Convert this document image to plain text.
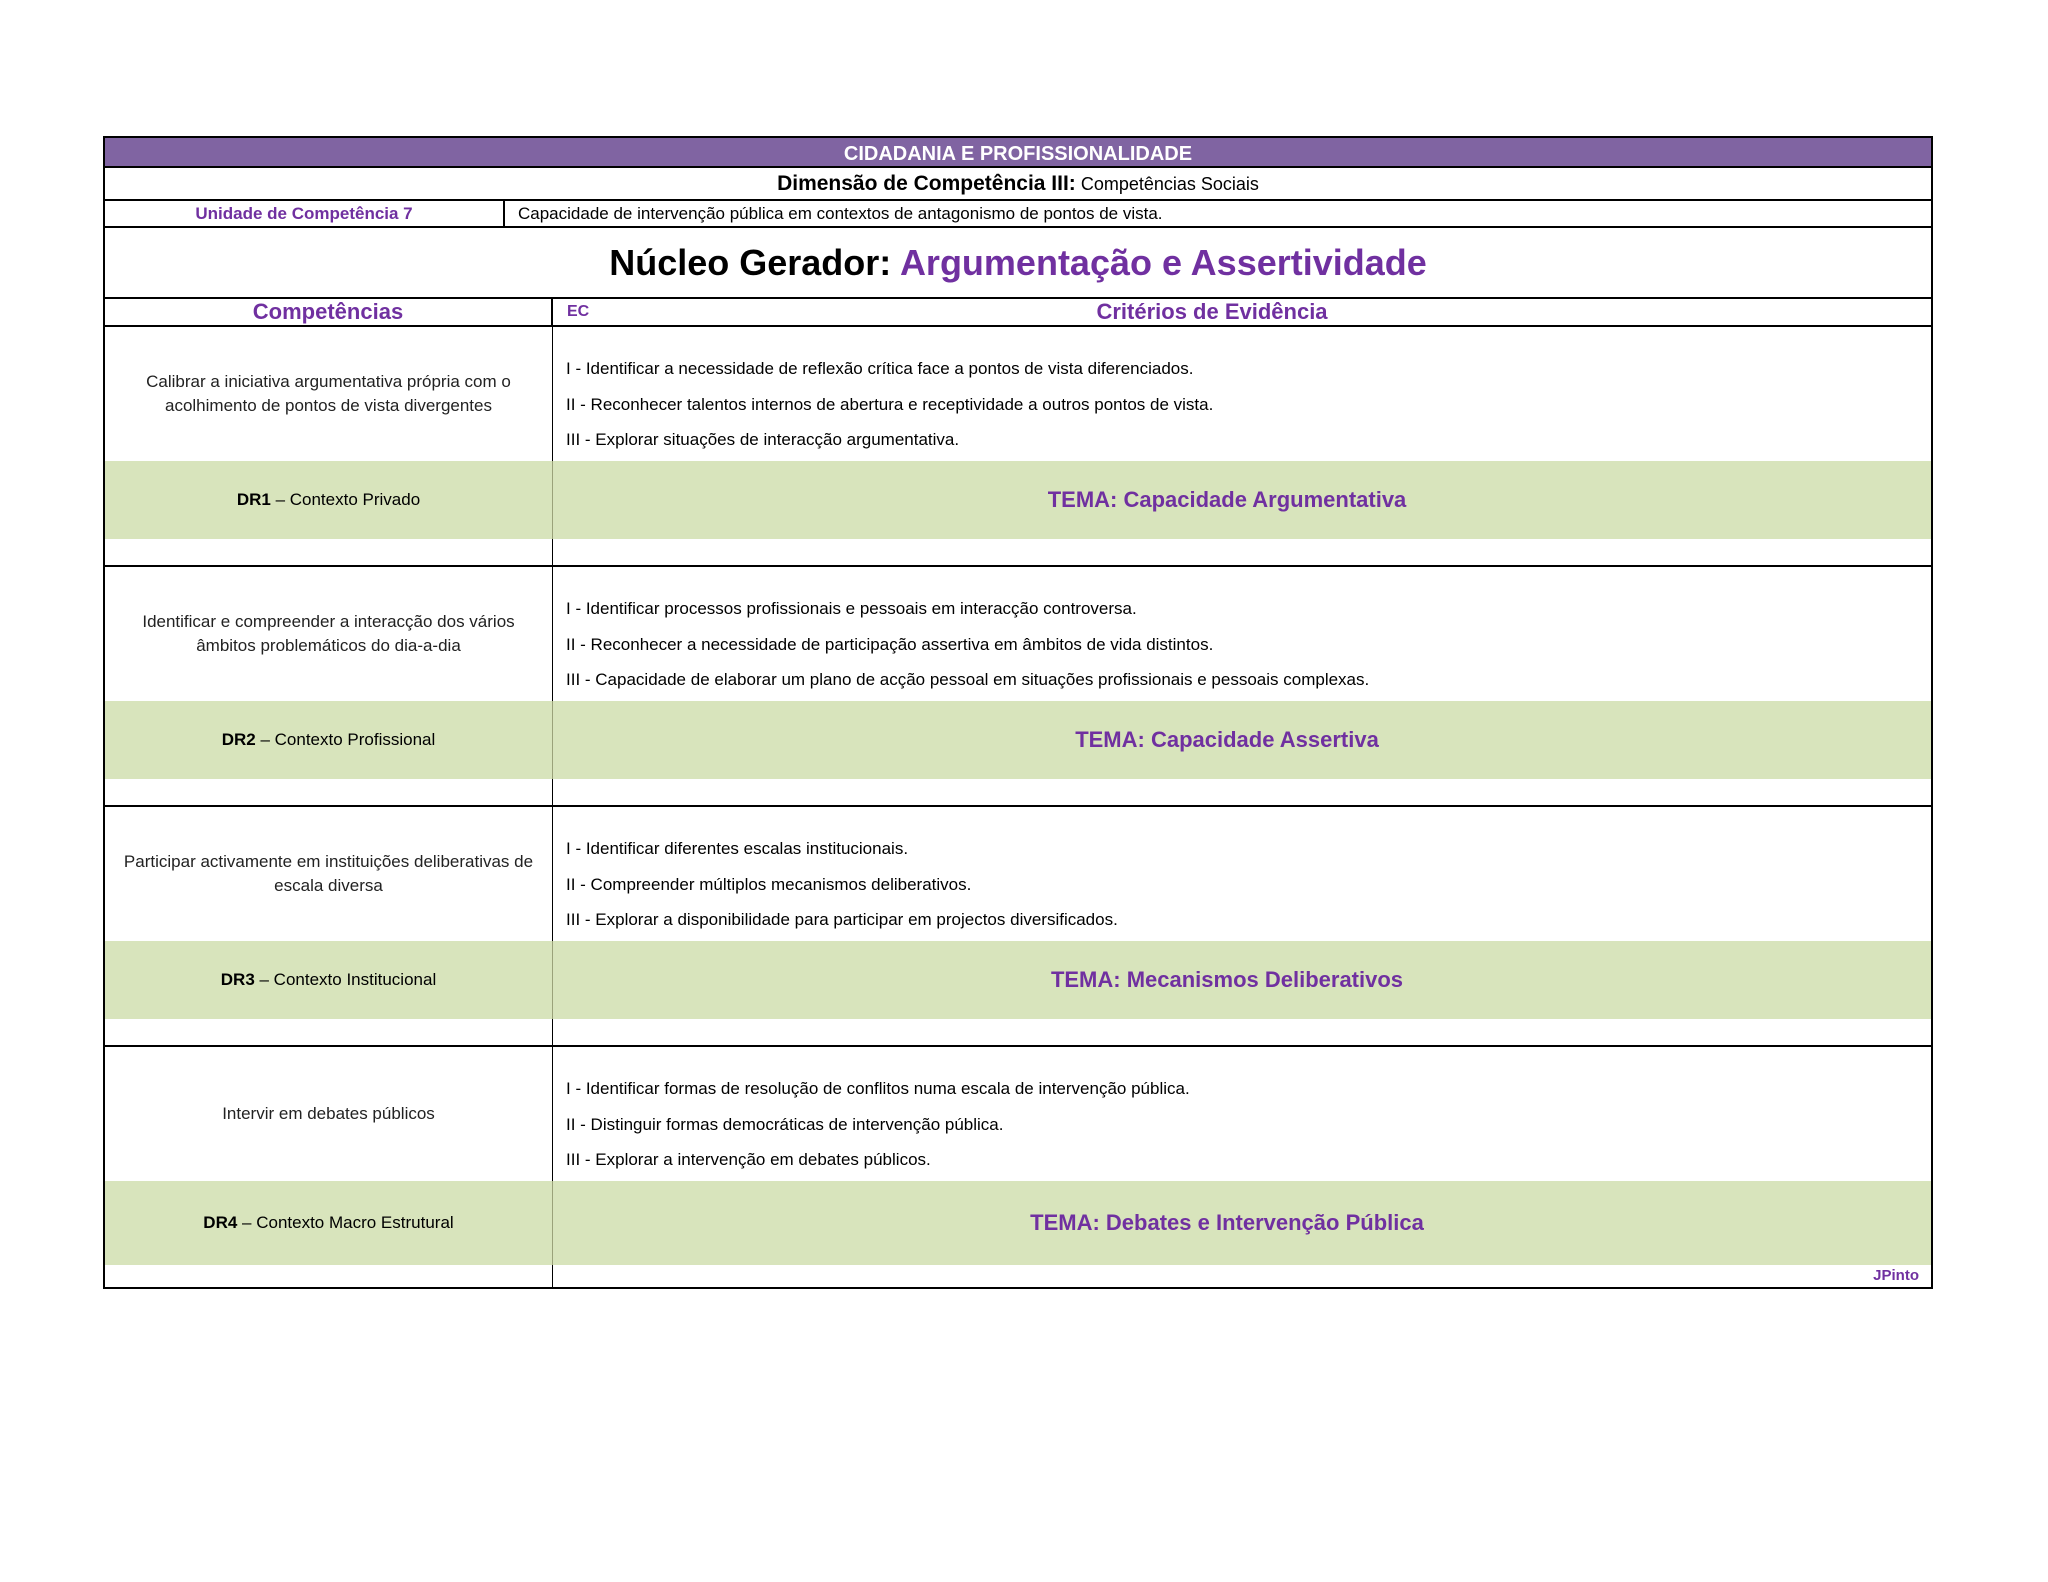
CIDADANIA E PROFISSIONALIDADE
Dimensão de Competência III: Competências Sociais
Unidade de Competência 7	Capacidade de intervenção pública em contextos de antagonismo de pontos de vista.
Núcleo Gerador: Argumentação e Assertividade
Competências	EC	Critérios de Evidência
Calibrar a iniciativa argumentativa própria com o acolhimento de pontos de vista divergentes
I - Identificar a necessidade de reflexão crítica face a pontos de vista diferenciados.
II - Reconhecer talentos internos de abertura e receptividade a outros pontos de vista.
III - Explorar situações de interacção argumentativa.
DR1 – Contexto Privado	TEMA: Capacidade Argumentativa
Identificar e compreender a interacção dos vários âmbitos problemáticos do dia-a-dia
I - Identificar processos profissionais e pessoais em interacção controversa.
II - Reconhecer a necessidade de participação assertiva em âmbitos de vida distintos.
III - Capacidade de elaborar um plano de acção pessoal em situações profissionais e pessoais complexas.
DR2 – Contexto Profissional	TEMA: Capacidade Assertiva
Participar activamente em instituições deliberativas de escala diversa
I - Identificar diferentes escalas institucionais.
II - Compreender múltiplos mecanismos deliberativos.
III - Explorar a disponibilidade para participar em projectos diversificados.
DR3 – Contexto Institucional	TEMA: Mecanismos Deliberativos
Intervir em debates públicos
I - Identificar formas de resolução de conflitos numa escala de intervenção pública.
II - Distinguir formas democráticas de intervenção pública.
III - Explorar a intervenção em debates públicos.
DR4 – Contexto Macro Estrutural	TEMA: Debates e Intervenção Pública
JPinto
